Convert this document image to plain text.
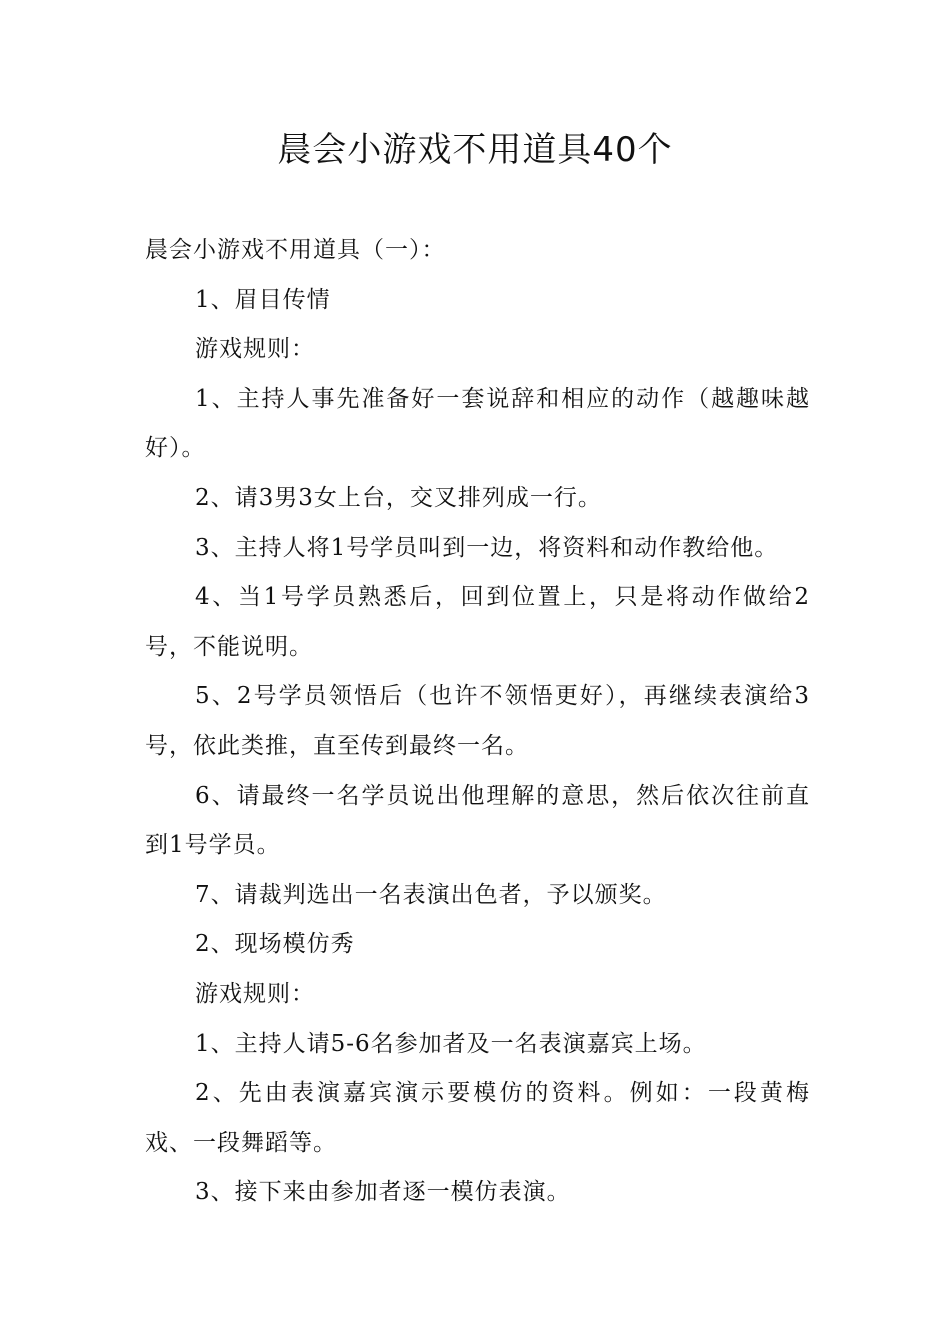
晨会小游戏不用道具40个

晨会小游戏不用道具（一）：

1、眉目传情

游戏规则：

1、主持人事先准备好一套说辞和相应的动作（越趣味越好）。

2、请3男3女上台，交叉排列成一行。

3、主持人将1号学员叫到一边，将资料和动作教给他。

4、当1号学员熟悉后，回到位置上，只是将动作做给2号，不能说明。

5、2号学员领悟后（也许不领悟更好），再继续表演给3号，依此类推，直至传到最终一名。

6、请最终一名学员说出他理解的意思，然后依次往前直到1号学员。

7、请裁判选出一名表演出色者，予以颁奖。

2、现场模仿秀

游戏规则：

1、主持人请5-6名参加者及一名表演嘉宾上场。

2、先由表演嘉宾演示要模仿的资料。例如：一段黄梅戏、一段舞蹈等。

3、接下来由参加者逐一模仿表演。
